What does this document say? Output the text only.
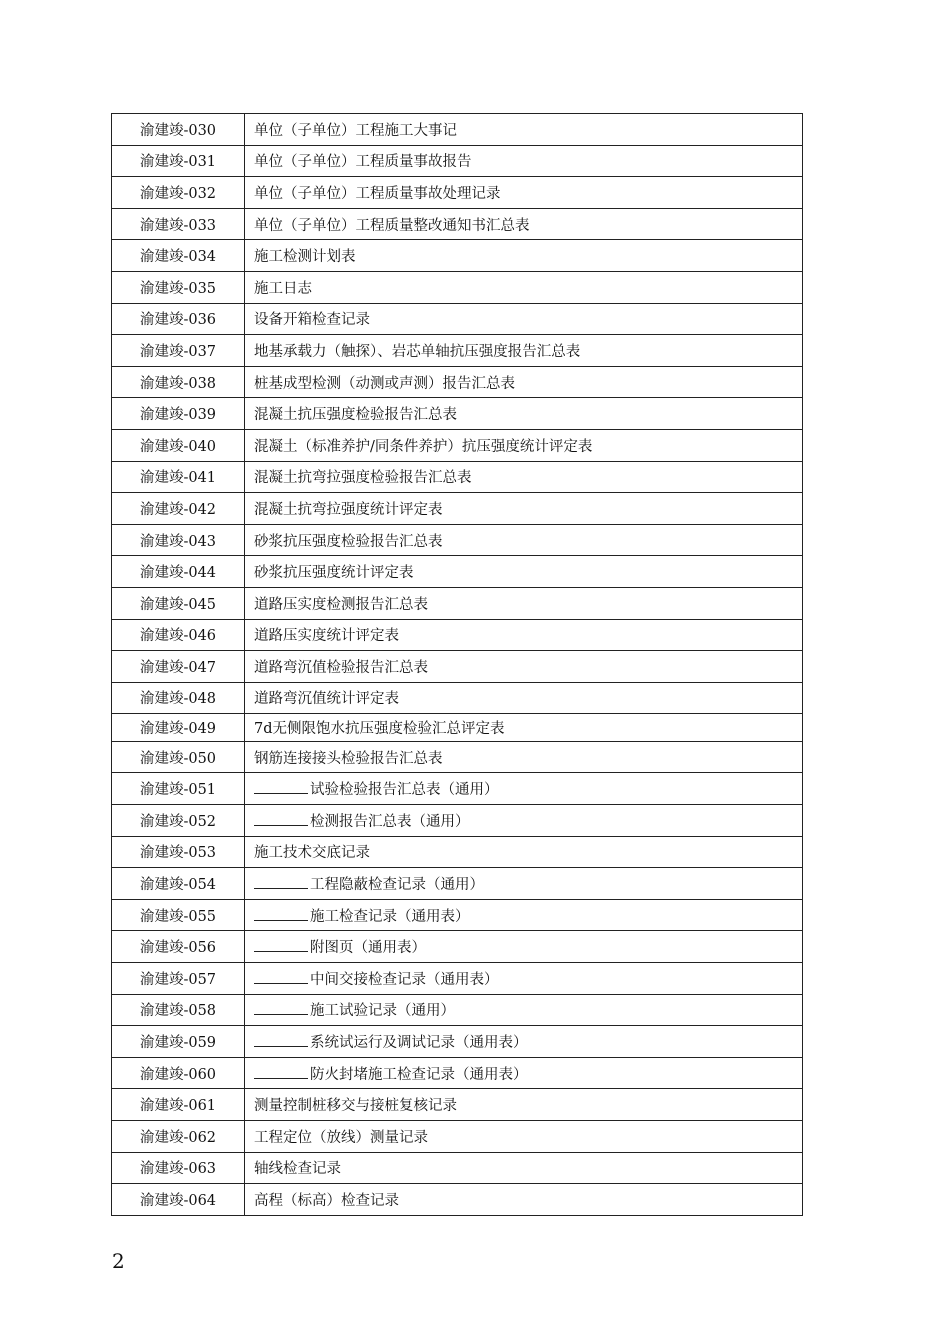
渝建竣-030	单位（子单位）工程施工大事记
渝建竣-031	单位（子单位）工程质量事故报告
渝建竣-032	单位（子单位）工程质量事故处理记录
渝建竣-033	单位（子单位）工程质量整改通知书汇总表
渝建竣-034	施工检测计划表
渝建竣-035	施工日志
渝建竣-036	设备开箱检查记录
渝建竣-037	地基承载力（触探）、岩芯单轴抗压强度报告汇总表
渝建竣-038	桩基成型检测（动测或声测）报告汇总表
渝建竣-039	混凝土抗压强度检验报告汇总表
渝建竣-040	混凝土（标准养护/同条件养护）抗压强度统计评定表
渝建竣-041	混凝土抗弯拉强度检验报告汇总表
渝建竣-042	混凝土抗弯拉强度统计评定表
渝建竣-043	砂浆抗压强度检验报告汇总表
渝建竣-044	砂浆抗压强度统计评定表
渝建竣-045	道路压实度检测报告汇总表
渝建竣-046	道路压实度统计评定表
渝建竣-047	道路弯沉值检验报告汇总表
渝建竣-048	道路弯沉值统计评定表
渝建竣-049	7d无侧限饱水抗压强度检验汇总评定表
渝建竣-050	钢筋连接接头检验报告汇总表
渝建竣-051	试验检验报告汇总表（通用）
渝建竣-052	检测报告汇总表（通用）
渝建竣-053	施工技术交底记录
渝建竣-054	工程隐蔽检查记录（通用）
渝建竣-055	施工检查记录（通用表）
渝建竣-056	附图页（通用表）
渝建竣-057	中间交接检查记录（通用表）
渝建竣-058	施工试验记录（通用）
渝建竣-059	系统试运行及调试记录（通用表）
渝建竣-060	防火封堵施工检查记录（通用表）
渝建竣-061	测量控制桩移交与接桩复核记录
渝建竣-062	工程定位（放线）测量记录
渝建竣-063	轴线检查记录
渝建竣-064	高程（标高）检查记录
2
